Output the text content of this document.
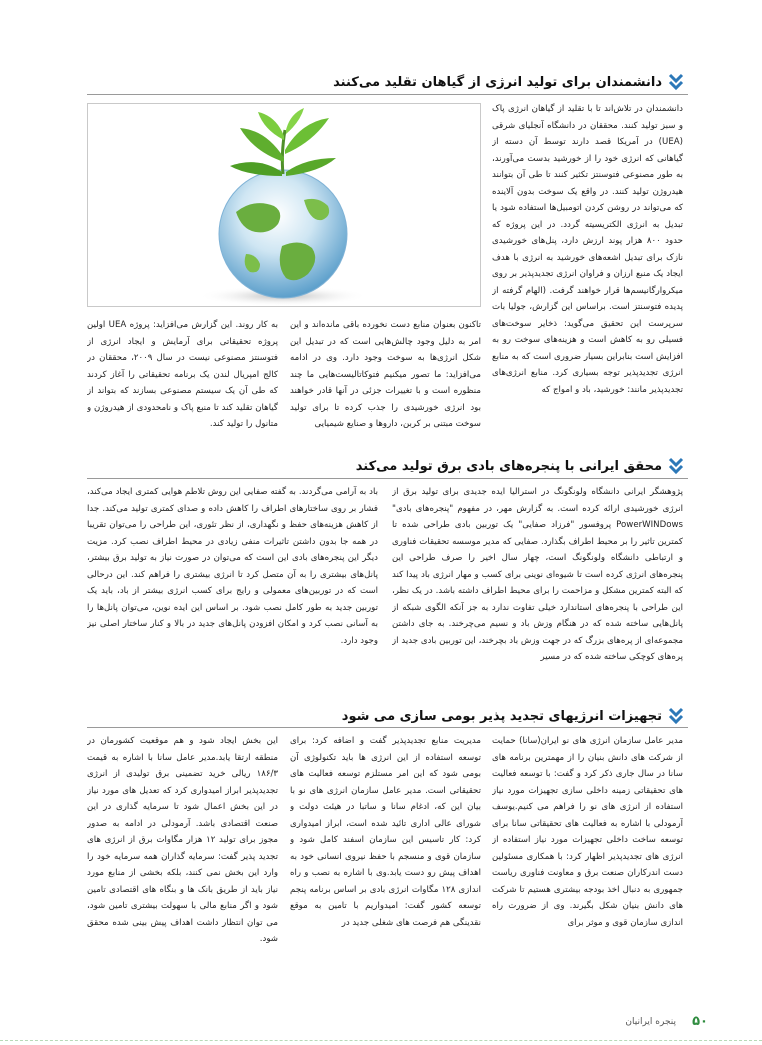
دانشمندان برای تولید انرژی از گیاهان تقلید می‌کنند

دانشمندان در تلاش‌اند تا با تقلید از گیاهان انرژی پاک و سبز تولید کنند. محققان در دانشگاه آنجلیای شرقی (UEA) در آمریکا قصد دارند توسط آن دسته از گیاهانی که انرژی خود را از خورشید بدست می‌آورند، به طور مصنوعی فتوسنتز تکثیر کنند تا طی آن بتوانند هیدروژن تولید کنند. در واقع یک سوخت بدون آلاینده که می‌تواند در روشن کردن اتومبیل‌ها استفاده شود یا تبدیل به انرژی الکتریسیته گردد. در این پروژه که حدود ۸۰۰ هزار پوند ارزش دارد، پنل‌های خورشیدی نازک برای تبدیل اشعه‌های خورشید به انرژی با هدف ایجاد یک منبع ارزان و فراوان انرژی تجدیدپذیر بر روی میکروارگانیسم‌ها قرار خواهند گرفت. (الهام گرفته از پدیده فتوسنتز است. براساس این گزارش، جولیا بات سرپرست این تحقیق می‌گوید: ذخایر سوخت‌های فسیلی رو به کاهش است و هزینه‌های سوخت رو به افزایش است بنابراین بسیار ضروری است که به منابع انرژی تجدیدپذیر توجه بسیاری کرد. منابع انرژی‌های تجدیدپذیر مانند: خورشید، باد و امواج که

تاکنون بعنوان منابع دست نخورده باقی مانده‌اند و این امر به دلیل وجود چالش‌هایی است که در تبدیل این شکل انرژی‌ها به سوخت وجود دارد. وی در ادامه می‌افزاید: ما تصور میکنیم فتوکاتالیست‌هایی ما چند منظوره است و با تغییرات جزئی در آنها قادر خواهند بود انرژی خورشیدی را جذب کرده تا برای تولید سوخت مبتنی بر کربن، داروها و صنایع شیمیایی

به کار روند. این گزارش می‌افزاید: پروژه UEA اولین پروژه تحقیقاتی برای آرمایش و ایجاد انرژی از فتوسنتز مصنوعی نیست در سال ۲۰۰۹، محققان در کالج امپریال لندن یک برنامه تحقیقاتی را آغاز کردند که طی آن یک سیستم مصنوعی بسازند که بتواند از گیاهان تقلید کند تا منبع پاک و نامحدودی از هیدروژن و متانول را تولید کند.

محقق ایرانی با پنجره‌های بادی برق تولید می‌کند

پژوهشگر ایرانی دانشگاه ولونگونگ در استرالیا ایده جدیدی برای تولید برق از انرژی خورشیدی ارائه کرده است. به گزارش مهر، در مفهوم "پنجره‌های بادی" PowerWINDows پروفسور "فرزاد صفایی" یک توربین بادی طراحی شده تا کمترین تاثیر را بر محیط اطراف بگذارد. صفایی که مدیر موسسه تحقیقات فناوری و ارتباطی دانشگاه ولونگونگ است، چهار سال اخیر را صرف طراحی این پنجره‌های انرژی کرده است تا شیوه‌ای نوینی برای کسب و مهار انرژی باد پیدا کند که البته کمترین مشکل و مزاحمت را برای محیط اطراف داشته باشد. در یک نظر، این طراحی با پنجره‌های استاندارد خیلی تفاوت ندارد به جز آنکه الگوی شبکه از پانل‌هایی ساخته شده که در هنگام وزش باد و نسیم می‌چرخند. به جای داشتن مجموعه‌ای از پره‌های بزرگ که در جهت وزش باد بچرخند، این توربین بادی جدید از پره‌های کوچکی ساخته شده که در مسیر

باد به آرامی می‌گردند. به گفته صفایی این روش تلاطم هوایی کمتری ایجاد می‌کند، فشار بر روی ساختارهای اطراف را کاهش داده و صدای کمتری تولید می‌کند. جدا از کاهش هزینه‌های حفظ و نگهداری، از نظر تئوری، این طراحی را می‌توان تقریبا در همه جا بدون داشتن تاثیرات منفی زیادی در محیط اطراف نصب کرد. مزیت دیگر این پنجره‌های بادی این است که می‌توان در صورت نیاز به تولید برق بیشتر، پانل‌های بیشتری را به آن متصل کرد تا انرژی بیشتری را فراهم کند. این درحالی است که در توربین‌های معمولی و رایج برای کسب انرژی بیشتر از باد، باید یک توربین جدید به طور کامل نصب شود. بر اساس این ایده نوین، می‌توان پانل‌ها را به آسانی نصب کرد و امکان افزودن پانل‌های جدید در بالا و کنار ساختار اصلی نیز وجود دارد.

تجهیزات انرژیهای تجدید پذیر بومی سازی می شود

مدیر عامل سازمان انرژی های نو ایران(سانا) حمایت از شرکت های دانش بنیان را از مهمترین برنامه های سانا در سال جاری ذکر کرد و گفت: با توسعه فعالیت های تحقیقاتی زمینه داخلی سازی تجهیزات مورد نیاز استفاده از انرژی های نو را فراهم می کنیم.یوسف آرمودلی با اشاره به فعالیت های تحقیقاتی سانا برای توسعه ساخت داخلی تجهیزات مورد نیاز استفاده از انرژی های تجدیدپذیر اظهار کرد: با همکاری مسئولین دست اندرکاران صنعت برق و معاونت فناوری ریاست جمهوری به دنبال اخذ بودجه بیشتری هستیم تا شرکت های دانش بنیان شکل بگیرند. وی از ضرورت راه اندازی سازمان قوی و موثر برای

مدیریت منابع تجدیدپذیر گفت و اضافه کرد: برای توسعه استفاده از این انرژی ها باید تکنولوژی آن بومی شود که این امر مستلزم توسعه فعالیت های تحقیقاتی است. مدیر عامل سازمان انرژی های نو با بیان این که، ادغام سانا و ساتبا در هیئت دولت و شورای عالی اداری تائید شده است، ابراز امیدواری کرد: کار تاسیس این سازمان اسفند کامل شود و سازمان قوی و منسجم با حفظ نیروی انسانی خود به اهداف پیش رو دست یابد.وی با اشاره به نصب و راه اندازی ۱۲۸ مگاوات انرژی بادی بر اساس برنامه پنجم توسعه کشور گفت: امیدواریم با تامین به موقع نقدینگی هم فرصت های شغلی جدید در

این بخش ایجاد شود و هم موقعیت کشورمان در منطقه ارتقا یابد.مدیر عامل سانا با اشاره به قیمت ۱۸۶/۳ ریالی خرید تضمینی برق تولیدی از انرژی تجدیدپذیر ابراز امیدواری کرد که تعدیل های مورد نیاز در این بخش اعمال شود تا سرمایه گذاری در این صنعت اقتصادی باشد. آرمودلی در ادامه به صدور مجوز برای تولید ۱۲ هزار مگاوات برق از انرژی های تجدید پذیر گفت: سرمایه گذاران همه سرمایه خود را وارد این بخش نمی کنند، بلکه بخشی از منابع مورد نیاز باید از طریق بانک ها و بنگاه های اقتصادی تامین شود و اگر منابع مالی با سهولت بیشتری تامین شود، می توان انتظار داشت اهداف پیش بینی شده محقق شود.

۵۰
پنجره ایرانیان
